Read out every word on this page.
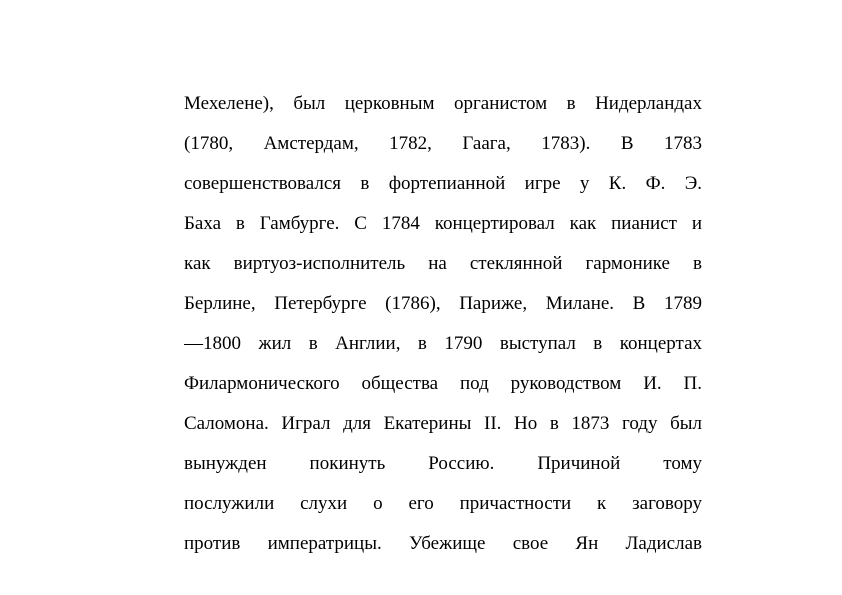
Мехелене), был церковным органистом в Нидерландах
(1780, Амстердам, 1782, Гаага, 1783). В 1783
совершенствовался в фортепианной игре у К. Ф. Э.
Баха в Гамбурге. С 1784 концертировал как пианист и
как виртуоз-исполнитель на стеклянной гармонике в
Берлине, Петербурге (1786), Париже, Милане. В 1789
—1800 жил в Англии, в 1790 выступал в концертах
Филармонического общества под руководством И. П.
Саломона. Играл для Екатерины II. Но в 1873 году был
вынужден покинуть Россию. Причиной тому
послужили слухи о его причастности к заговору
против императрицы. Убежище свое Ян Ладислав
